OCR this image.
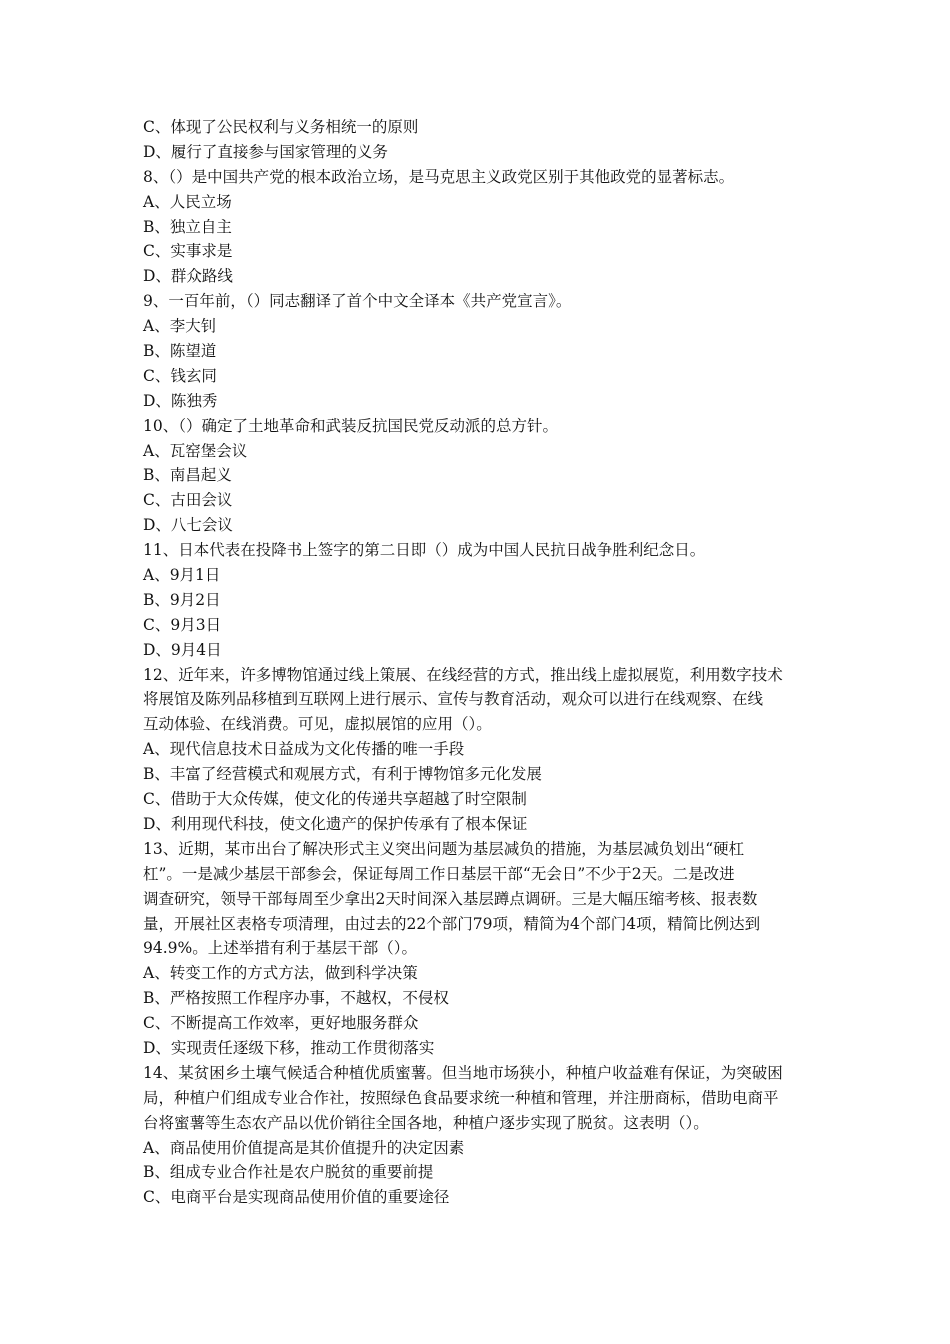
C、体现了公民权利与义务相统一的原则
D、履行了直接参与国家管理的义务
8、（）是中国共产党的根本政治立场，是马克思主义政党区别于其他政党的显著标志。
A、人民立场
B、独立自主
C、实事求是
D、群众路线
9、一百年前，（）同志翻译了首个中文全译本《共产党宣言》。
A、李大钊
B、陈望道
C、钱玄同
D、陈独秀
10、（）确定了土地革命和武装反抗国民党反动派的总方针。
A、瓦窑堡会议
B、南昌起义
C、古田会议
D、八七会议
11、日本代表在投降书上签字的第二日即（）成为中国人民抗日战争胜利纪念日。
A、9月1日
B、9月2日
C、9月3日
D、9月4日
12、近年来，许多博物馆通过线上策展、在线经营的方式，推出线上虚拟展览，利用数字技术
将展馆及陈列品移植到互联网上进行展示、宣传与教育活动，观众可以进行在线观察、在线
互动体验、在线消费。可见，虚拟展馆的应用（）。
A、现代信息技术日益成为文化传播的唯一手段
B、丰富了经营模式和观展方式，有利于博物馆多元化发展
C、借助于大众传媒，使文化的传递共享超越了时空限制
D、利用现代科技，使文化遗产的保护传承有了根本保证
13、近期，某市出台了解决形式主义突出问题为基层减负的措施，为基层减负划出“硬杠
杠”。一是减少基层干部参会，保证每周工作日基层干部“无会日”不少于2天。二是改进
调查研究，领导干部每周至少拿出2天时间深入基层蹲点调研。三是大幅压缩考核、报表数
量，开展社区表格专项清理，由过去的22个部门79项，精简为4个部门4项，精简比例达到
94.9%。上述举措有利于基层干部（）。
A、转变工作的方式方法，做到科学决策
B、严格按照工作程序办事，不越权，不侵权
C、不断提高工作效率，更好地服务群众
D、实现责任逐级下移，推动工作贯彻落实
14、某贫困乡土壤气候适合种植优质蜜薯。但当地市场狭小，种植户收益难有保证，为突破困
局，种植户们组成专业合作社，按照绿色食品要求统一种植和管理，并注册商标，借助电商平
台将蜜薯等生态农产品以优价销往全国各地，种植户逐步实现了脱贫。这表明（）。
A、商品使用价值提高是其价值提升的决定因素
B、组成专业合作社是农户脱贫的重要前提
C、电商平台是实现商品使用价值的重要途径
